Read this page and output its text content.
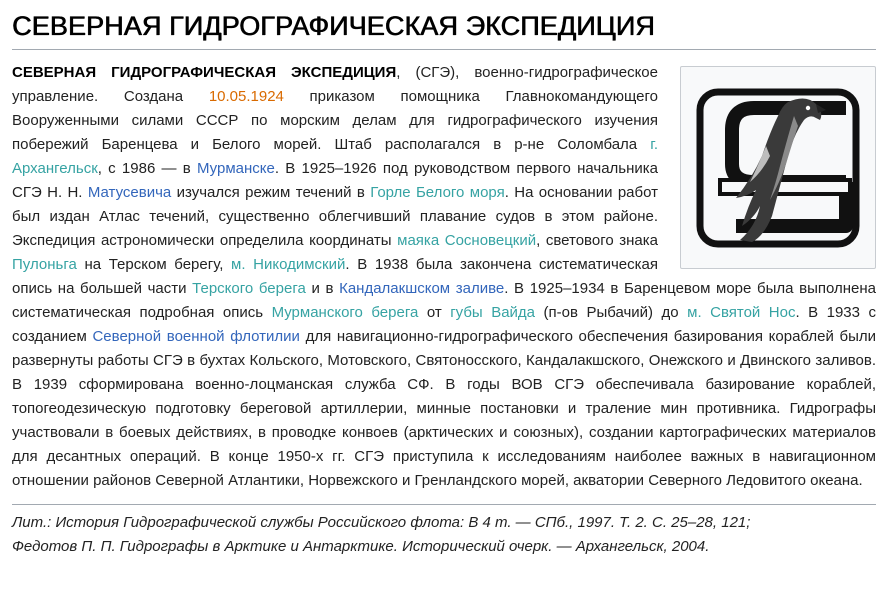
СЕВЕРНАЯ ГИДРОГРАФИЧЕСКАЯ ЭКСПЕДИЦИЯ
СЕВЕРНАЯ ГИДРОГРАФИЧЕСКАЯ ЭКСПЕДИЦИЯ, (СГЭ), военно-гидрографическое управление. Создана 10.05.1924 приказом помощника Главнокомандующего Вооруженными силами СССР по морским делам для гидрографического изучения побережий Баренцева и Белого морей. Штаб располагался в р-не Соломбала г. Архангельск, с 1986 — в Мурманске. В 1925–1926 под руководством первого начальника СГЭ Н. Н. Матусевича изучался режим течений в Горле Белого моря. На основании работ был издан Атлас течений, существенно облегчивший плавание судов в этом районе. Экспедиция астрономически определила координаты маяка Сосновецкий, светового знака Пулоньга на Терском берегу, м. Никодимский. В 1938 была закончена систематическая опись на большей части Терского берега и в Кандалакшском заливе. В 1925–1934 в Баренцевом море была выполнена систематическая подробная опись Мурманского берега от губы Вайда (п-ов Рыбачий) до м. Святой Нос. В 1933 с созданием Северной военной флотилии для навигационно-гидрографического обеспечения базирования кораблей были развернуты работы СГЭ в бухтах Кольского, Мотовского, Святоносского, Кандалакшского, Онежского и Двинского заливов. В 1939 сформирована военно-лоцманская служба СФ. В годы ВОВ СГЭ обеспечивала базирование кораблей, топогеодезическую подготовку береговой артиллерии, минные постановки и траление мин противника. Гидрографы участвовали в боевых действиях, в проводке конвоев (арктических и союзных), создании картографических материалов для десантных операций. В конце 1950-х гг. СГЭ приступила к исследованиям наиболее важных в навигационном отношении районов Северной Атлантики, Норвежского и Гренландского морей, акватории Северного Ледовитого океана.
Лит.: История Гидрографической службы Российского флота: В 4 т. — СПб., 1997. Т. 2. С. 25–28, 121;
Федотов П. П. Гидрографы в Арктике и Антарктике. Исторический очерк. — Архангельск, 2004.
